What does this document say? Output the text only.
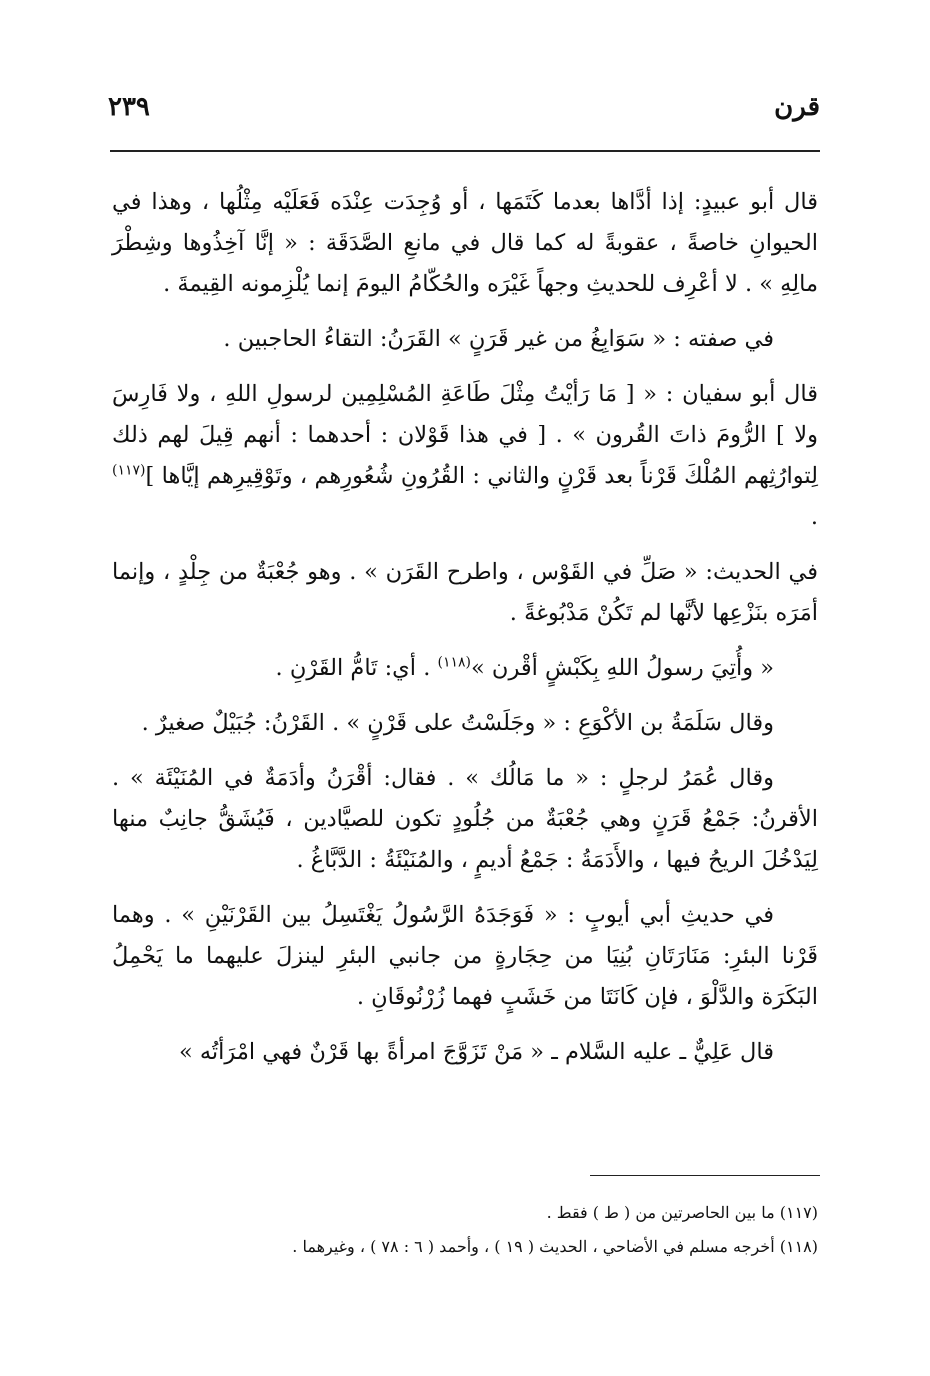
قرن
٢٣٩

قال أبو عبيدٍ: إذا أدَّاها بعدما كَتَمَها ، أو وُجِدَت عِنْدَه فَعَلَيْه مِثْلُها ، وهذا في الحيوانِ خاصةً ، عقوبةً له كما قال في مانعِ الصَّدَقَة : « إنَّا آخِذُوها وشِطْرَ مالِهِ » . لا أعْرِف للحديثِ وجهاً غَيْرَه والحُكّامُ اليومَ إنما يُلْزِمونه القِيمةَ .

في صفته : « سَوَابِغُ من غير قَرَنٍ » القَرَنُ: التقاءُ الحاجبين .

قال أبو سفيان : « [ مَا رَأيْتُ مِثْلَ طَاعَةِ المُسْلِمِين لرسولِ اللهِ ، ولا فَارِسَ ولا ] الرُّومَ ذاتَ القُرون » . [ في هذا قَوْلان : أحدهما : أنهم قِيلَ لهم ذلك لِتوارُثِهم المُلْكَ قَرْناً بعد قَرْنٍ والثاني : القُرُونِ شُعُورِهم ، وتَوْقِيرِهم إيَّاها ]$^{(١١٧)}$ .

في الحديث: « صَلِّ في القَوْس ، واطرح القَرَن » . وهو جُعْبَةٌ من جِلْدٍ ، وإنما أمَرَه بنَزْعِها لأنَّها لم تَكُنْ مَدْبُوغةً .

« وأُتِيَ رسولُ اللهِ بِكَبْشٍ أقْرن »$^{(١١٨)}$ . أي: تَامُّ القَرْنِ .

وقال سَلَمَةُ بن الأكْوَعِ : « وجَلَسْتُ على قَرْنٍ » . القَرْنُ: جُبَيْلٌ صغيرٌ .

وقال عُمَرُ لرجلٍ : « ما مَالُك » . فقال: أقْرَنُ وأدَمَةٌ في المُنَيْئَة » . الأقرنُ: جَمْعُ قَرَنٍ وهي جُعْبَةٌ من جُلُودٍ تكون للصيَّادين ، فَيُشَقُّ جانِبٌ منها لِيَدْخُلَ الريحُ فيها ، والأَدَمَةُ : جَمْعُ أديمٍ ، والمُنَيْئَةُ : الدَّبَّاغُ .

في حديثِ أبي أيوبٍ : « فَوَجَدَهُ الرَّسُولُ يَغْتَسِلُ بين القَرْنَيْنِ » . وهما قَرْنا البئرِ: مَنَارَتَانِ بُنِيَا من حِجَارةٍ من جانبي البئرِ لينزلَ عليهما ما يَحْمِلُ البَكَرَة والدَّلْوَ ، فإن كَانَتَا من خَشَبٍ فهما زُرْنُوقَانِ .

قال عَلِيٌّ ـ عليه السَّلام ـ « مَنْ تَزَوَّجَ امرأةً بها قَرْنٌ فهي امْرَأتُه »

(١١٧) ما بين الحاصرتين من ( ط ) فقط .

(١١٨) أخرجه مسلم في الأضاحي ، الحديث ( ١٩ ) ، وأحمد ( ٦ : ٧٨ ) ، وغيرهما .
